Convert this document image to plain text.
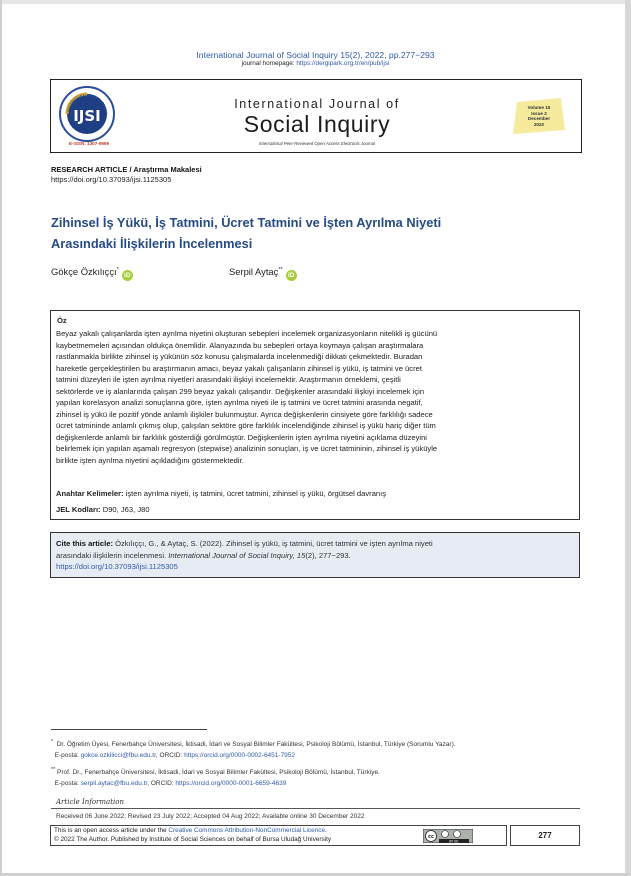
International Journal of Social Inquiry 15(2), 2022, pp.277−293
journal homepage: https://dergipark.org.tr/en/pub/ijsi
IJSI
INTERNATIONAL JOURNAL OF SOC
E-ISSN: 1307-9999
International Journal of
Social Inquiry
International Peer-Reviewed Open Access Electronic Journal
Volume 15
Issue 2
December
2022
RESEARCH ARTICLE / Araştırma Makalesi
https://doi.org/10.37093/ijsi.1125305
Zihinsel İş Yükü, İş Tatmini, Ücret Tatmini ve İşten Ayrılma Niyeti
Arasındaki İlişkilerin İncelenmesi
Gökçe Özkılıççı*iD	Serpil Aytaç**iD
Öz
Beyaz yakalı çalışanlarda işten ayrılma niyetini oluşturan sebepleri incelemek organizasyonların nitelikli iş gücünü
kaybetmemeleri açısından oldukça önemlidir. Alanyazında bu sebepleri ortaya koymaya çalışan araştırmalara
rastlanmakla birlikte zihinsel iş yükünün söz konusu çalışmalarda incelenmediği dikkati çekmektedir. Buradan
hareketle gerçekleştirilen bu araştırmanın amacı, beyaz yakalı çalışanların zihinsel iş yükü, iş tatmini ve ücret
tatmini düzeyleri ile işten ayrılma niyetleri arasındaki ilişkiyi incelemektir. Araştırmanın örneklemi, çeşitli
sektörlerde ve iş alanlarında çalışan 299 beyaz yakalı çalışandır. Değişkenler arasındaki ilişkiyi incelemek için
yapılan korelasyon analizi sonuçlarına göre, işten ayrılma niyeti ile iş tatmini ve ücret tatmini arasında negatif,
zihinsel iş yükü ile pozitif yönde anlamlı ilişkiler bulunmuştur. Ayrıca değişkenlerin cinsiyete göre farklılığı sadece
ücret tatmininde anlamlı çıkmış olup, çalışılan sektöre göre farklılık incelendiğinde zihinsel iş yükü hariç diğer tüm
değişkenlerde anlamlı bir farklılık gösterdiği görülmüştür. Değişkenlerin işten ayrılma niyetini açıklama düzeyini
belirlemek için yapılan aşamalı regresyon (stepwise) analizinin sonuçları, iş ve ücret tatmininin, zihinsel iş yüküyle
birlikte işten ayrılma niyetini açıkladığını göstermektedir.
Anahtar Kelimeler: işten ayrılma niyeti, iş tatmini, ücret tatmini, zihinsel iş yükü, örgütsel davranış
JEL Kodları: D90, J63, J80
Cite this article: Özkılıççı, G., & Aytaç, S. (2022). Zihinsel iş yükü, iş tatmini, ücret tatmini ve işten ayrılma niyeti
arasındaki ilişkilerin incelenmesi. International Journal of Social Inquiry, 15(2), 277−293.
https://doi.org/10.37093/ijsi.1125305
* Dr. Öğretim Üyesi, Fenerbahçe Üniversitesi, İktisadi, İdari ve Sosyal Bilimler Fakültesi, Psikoloji Bölümü, İstanbul, Türkiye (Sorumlu Yazar).
E-posta: gokce.ozkilicci@fbu.edu.tr, ORCID: https://orcid.org/0000-0002-6451-7952
** Prof. Dr., Fenerbahçe Üniversitesi, İktisadi, İdari ve Sosyal Bilimler Fakültesi, Psikoloji Bölümü, İstanbul, Türkiye.
E-posta: serpil.aytac@fbu.edu.tr, ORCID: https://orcid.org/0000-0001-6659-4639
Article Information
Received 06 June 2022; Revised 23 July 2022; Accepted 04 Aug 2022; Available online 30 December 2022
This is an open access article under the Creative Commons Attribution-NonCommercial Licence.
© 2022 The Author. Published by Institute of Social Sciences on behalf of Bursa Uludağ University	cc
BY NC
277
